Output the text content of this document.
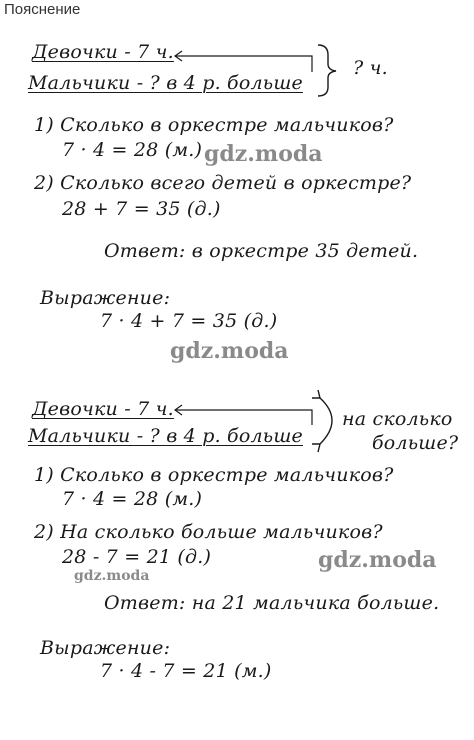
Пояснение
Девочки - 7 ч.
Мальчики - ? в 4 р. больше
? ч.
1) Сколько в оркестре мальчиков?
7 · 4 = 28 (м.)
2) Сколько всего детей в оркестре?
28 + 7 = 35 (д.)
Ответ: в оркестре 35 детей.
Выражение:
7 · 4 + 7 = 35 (д.)
Девочки - 7 ч.
Мальчики - ? в 4 р. больше
на сколько
больше?
1) Сколько в оркестре мальчиков?
7 · 4 = 28 (м.)
2) На сколько больше мальчиков?
28 - 7 = 21 (д.)
Ответ: на 21 мальчика больше.
Выражение:
7 · 4 - 7 = 21 (м.)
gdz.moda
gdz.moda
gdz.moda
gdz.moda
